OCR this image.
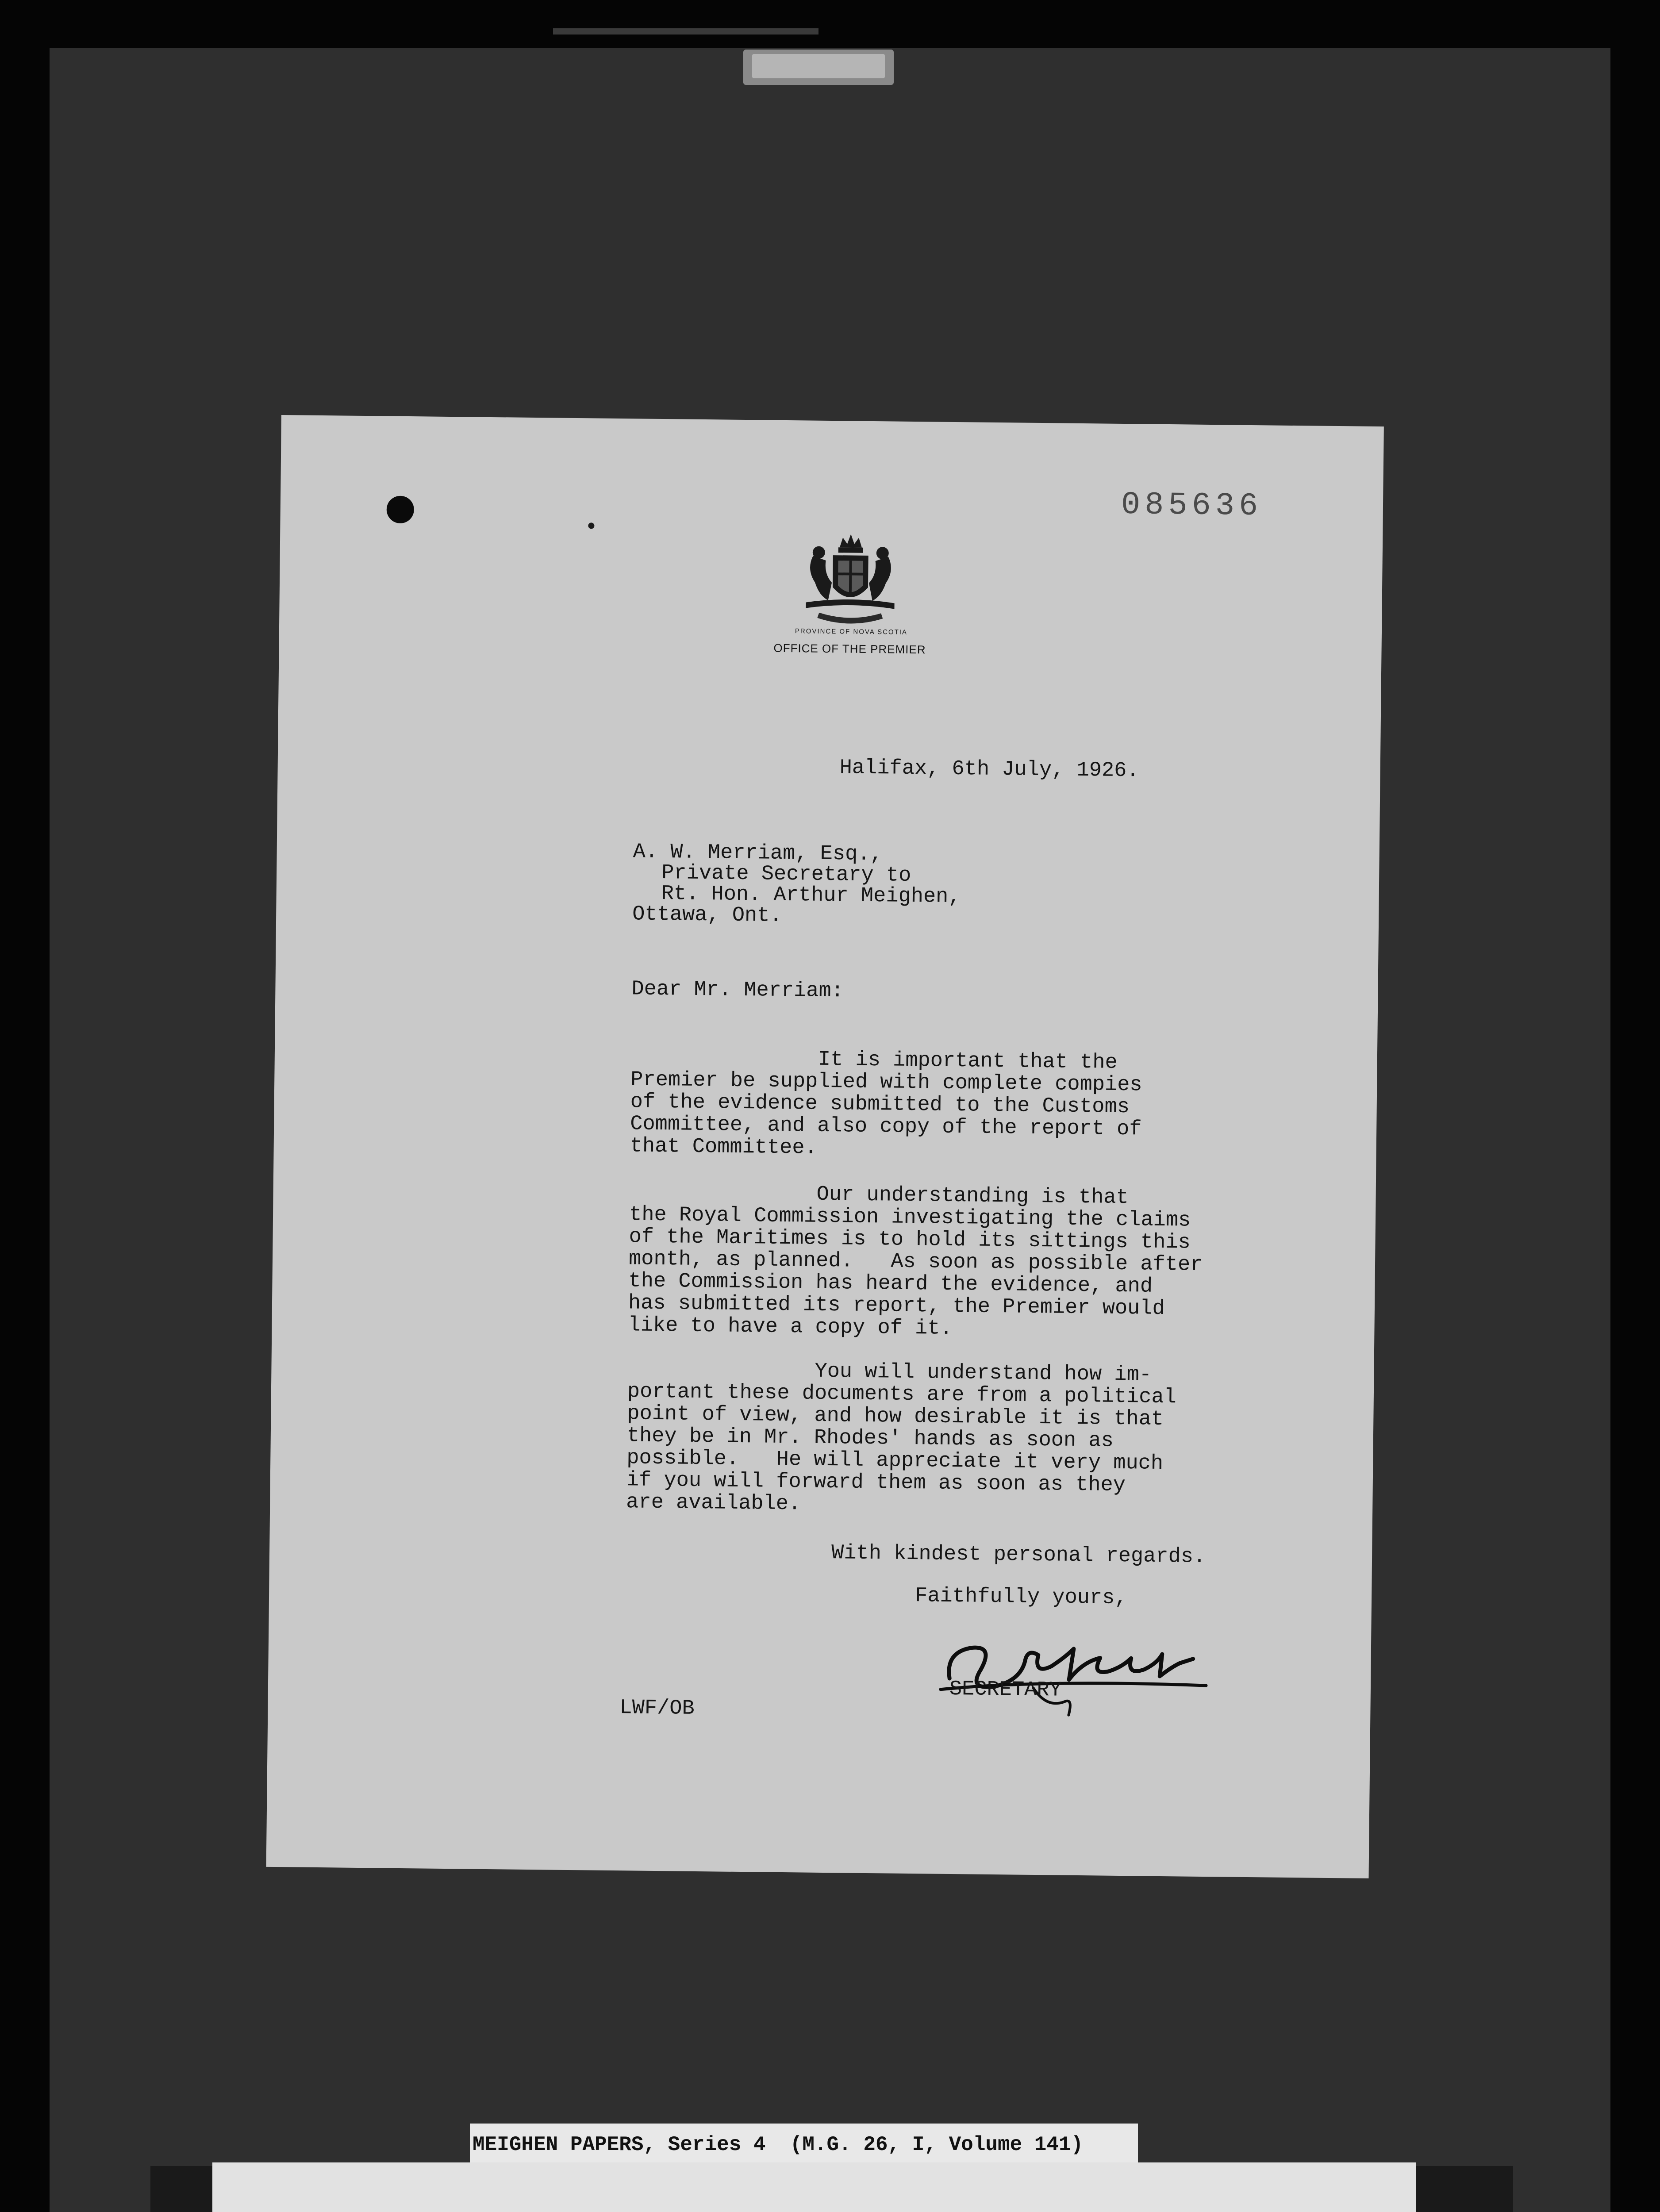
085636
PROVINCE OF NOVA SCOTIA
OFFICE OF THE PREMIER
Halifax, 6th July, 1926.
A. W. Merriam, Esq.,
Private Secretary to
Rt. Hon. Arthur Meighen,
Ottawa, Ont.
Dear Mr. Merriam:
It is important that the
Premier be supplied with complete compies
of the evidence submitted to the Customs
Committee, and also copy of the report of
that Committee.
Our understanding is that
the Royal Commission investigating the claims
of the Maritimes is to hold its sittings this
month, as planned.   As soon as possible after
the Commission has heard the evidence, and
has submitted its report, the Premier would
like to have a copy of it.
You will understand how im-
portant these documents are from a political
point of view, and how desirable it is that
they be in Mr. Rhodes' hands as soon as
possible.   He will appreciate it very much
if you will forward them as soon as they
are available.
With kindest personal regards.
Faithfully yours,
SECRETARY
LWF/OB
MEIGHEN PAPERS, Series 4  (M.G. 26, I, Volume 141)
